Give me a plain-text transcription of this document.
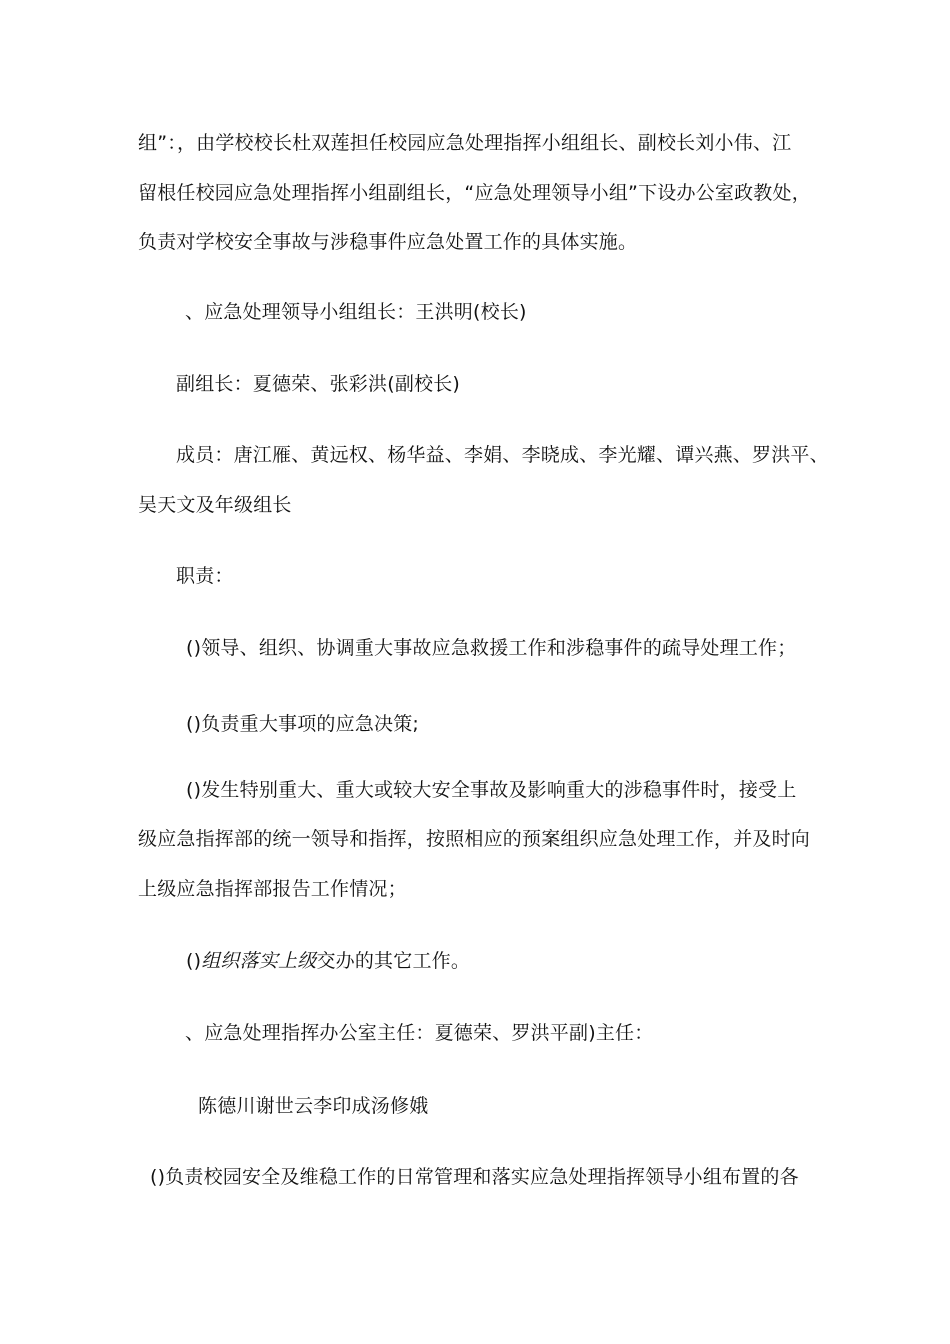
组”：，由学校校长杜双莲担任校园应急处理指挥小组组长、副校长刘小伟、江
留根任校园应急处理指挥小组副组长，“应急处理领导小组”下设办公室政教处，
负责对学校安全事故与涉稳事件应急处置工作的具体实施。
、应急处理领导小组组长：王洪明(校长)
副组长：夏德荣、张彩洪(副校长)
成员：唐江雁、黄远权、杨华益、李娟、李晓成、李光耀、谭兴燕、罗洪平、
吴天文及年级组长
职责：
()领导、组织、协调重大事故应急救援工作和涉稳事件的疏导处理工作；
()负责重大事项的应急决策;
()发生特别重大、重大或较大安全事故及影响重大的涉稳事件时，接受上
级应急指挥部的统一领导和指挥，按照相应的预案组织应急处理工作，并及时向
上级应急指挥部报告工作情况；
()组织落实上级交办的其它工作。
、应急处理指挥办公室主任：夏德荣、罗洪平副)主任：
陈德川谢世云李印成汤修娥
()负责校园安全及维稳工作的日常管理和落实应急处理指挥领导小组布置的各
